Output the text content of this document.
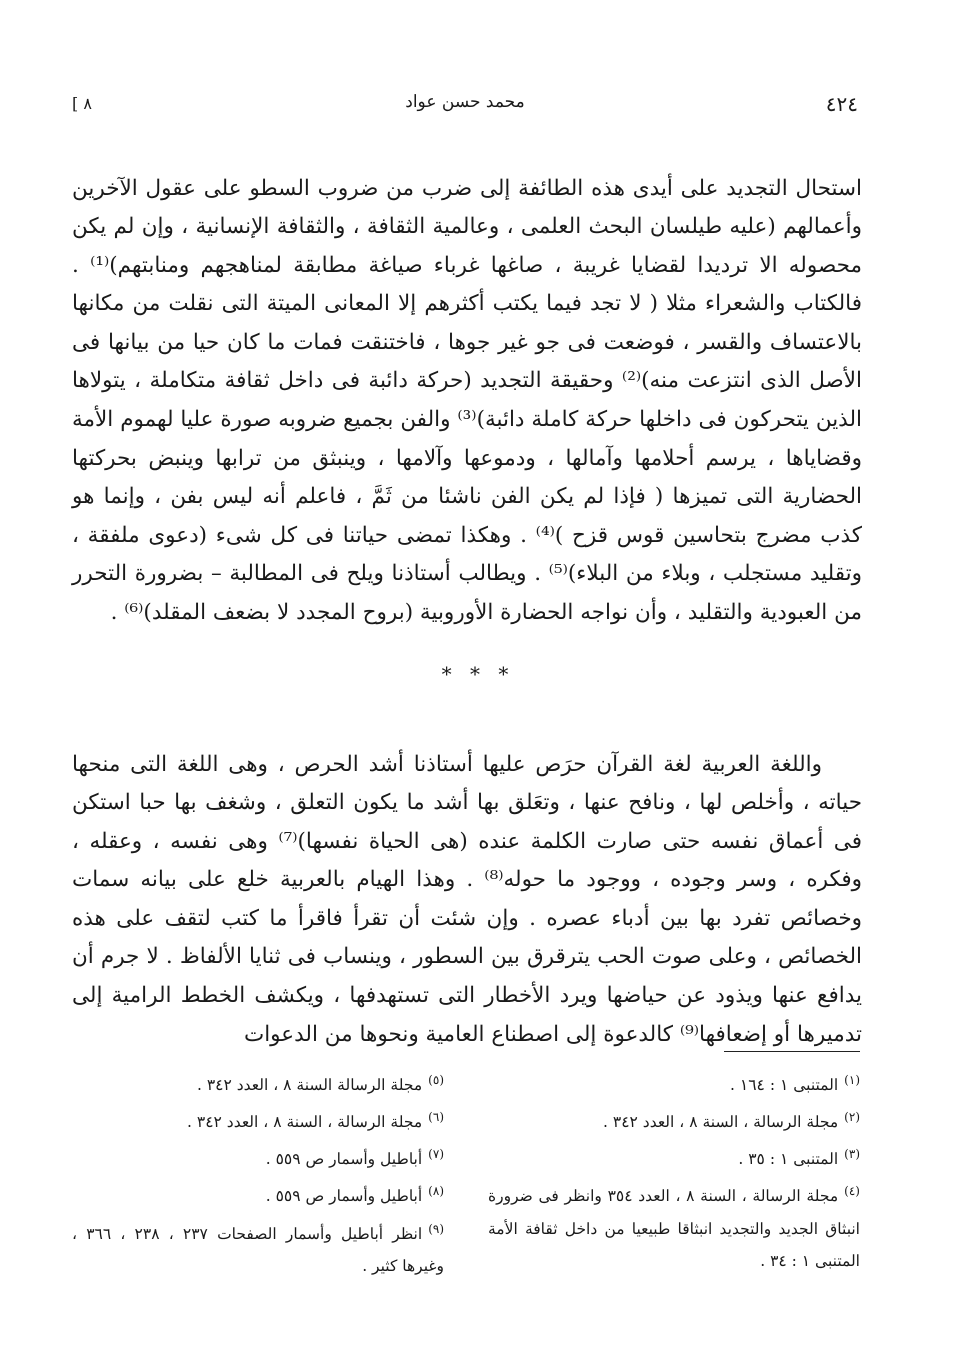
٤٢٤
محمد حسن عواد
[ ٨

استحال التجديد على أيدى هذه الطائفة إلى ضرب من ضروب السطو على عقول الآخرين وأعمالهم (عليه طيلسان البحث العلمى ، وعالمية الثقافة ، والثقافة الإنسانية ، وإن لم يكن محصوله الا ترديدا لقضايا غريبة ، صاغها غرباء صياغة مطابقة لمناهجهم ومنابتهم)⁽¹⁾ . فالكتاب والشعراء مثلا ( لا تجد فيما يكتب أكثرهم إلا المعانى الميتة التى نقلت من مكانها بالاعتساف والقسر ، فوضعت فى جو غير جوها ، فاختنقت فمات ما كان حيا من بيانها فى الأصل الذى انتزعت منه)⁽²⁾ وحقيقة التجديد (حركة دائبة فى داخل ثقافة متكاملة ، يتولاها الذين يتحركون فى داخلها حركة كاملة دائبة)⁽³⁾ والفن بجميع ضروبه صورة عليا لهموم الأمة وقضاياها ، يرسم أحلامها وآمالها ، ودموعها وآلامها ، وينبثق من ترابها وينبض بحركتها الحضارية التى تميزها ( فإذا لم يكن الفن ناشئا من ثَمَّ ، فاعلم أنه ليس بفن ، وإنما هو كذب مضرج بتحاسين قوس قزح )⁽⁴⁾ . وهكذا تمضى حياتنا فى كل شىء (دعوى ملفقة ، وتقليد مستجلب ، وبلاء من البلاء)⁽⁵⁾ . ويطالب أستاذنا ويلح فى المطالبة – بضرورة التحرر من العبودية والتقليد ، وأن نواجه الحضارة الأوروبية (بروح المجدد لا بضعف المقلد)⁽⁶⁾ .

* * *

واللغة العربية لغة القرآن حرَص عليها أستاذنا أشد الحرص ، وهى اللغة التى منحها حياته ، وأخلص لها ، ونافح عنها ، وتعَلق بها أشد ما يكون التعلق ، وشغف بها حبا استكن فى أعماق نفسه حتى صارت الكلمة عنده (هى الحياة نفسها)⁽⁷⁾ وهى نفسه ، وعقله ، وفكره ، وسر وجوده ، ووجود ما حوله⁽⁸⁾ . وهذا الهيام بالعربية خلع على بيانه سمات وخصائص تفرد بها بين أدباء عصره . وإن شئت أن تقرأ فاقرأ ما كتب لتقف على هذه الخصائص ، وعلى صوت الحب يترقرق بين السطور ، وينساب فى ثنايا الألفاظ . لا جرم أن يدافع عنها ويذود عن حياضها ويرد الأخطار التى تستهدفها ، ويكشف الخطط الرامية إلى تدميرها أو إضعافها⁽⁹⁾ كالدعوة إلى اصطناع العامية ونحوها من الدعوات

$^{(١)}$المتنبى ١ : ١٦٤ .

$^{(٢)}$مجلة الرسالة ، السنة ٨ ، العدد ٣٤٢ .

$^{(٣)}$المتنبى ١ : ٣٥ .

$^{(٤)}$مجلة الرسالة ، السنة ٨ ، العدد ٣٥٤ وانظر فى ضرورة انبثاق الجديد والتجديد انبثاقا طبيعيا من داخل ثقافة الأمة المتنبى ١ : ٣٤ .

$^{(٥)}$مجلة الرسالة السنة ٨ ، العدد ٣٤٢ .

$^{(٦)}$مجلة الرسالة ، السنة ٨ ، العدد ٣٤٢ .

$^{(٧)}$أباطيل وأسمار ص ٥٥٩ .

$^{(٨)}$أباطيل وأسمار ص ٥٥٩ .

$^{(٩)}$انظر أباطيل وأسمار الصفحات ٢٣٧ ، ٢٣٨ ، ٣٦٦ ، وغيرها كثير .
